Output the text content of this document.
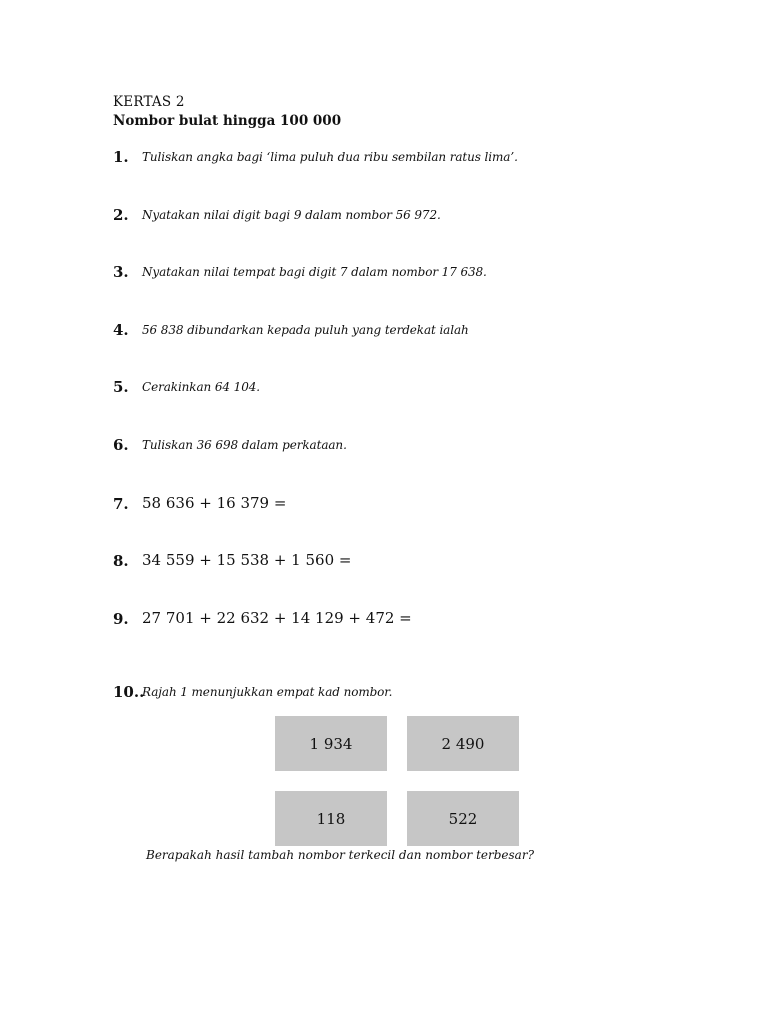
KERTAS 2
Nombor bulat hingga 100 000
1. Tuliskan angka bagi ‘lima puluh dua ribu sembilan ratus lima’.
2. Nyatakan nilai digit bagi 9 dalam nombor 56 972.
3. Nyatakan nilai tempat bagi digit 7 dalam nombor 17 638.
4. 56 838 dibundarkan kepada puluh yang terdekat ialah
5. Cerakinkan 64 104.
6. Tuliskan 36 698 dalam perkataan.
7. 58 636 + 16 379 =
8. 34 559 + 15 538 + 1 560 =
9. 27 701 + 22 632 + 14 129 + 472 =
10..
Rajah 1 menunjukkan empat kad nombor.
1 934	2 490
118	522
Berapakah hasil tambah nombor terkecil dan nombor terbesar?
